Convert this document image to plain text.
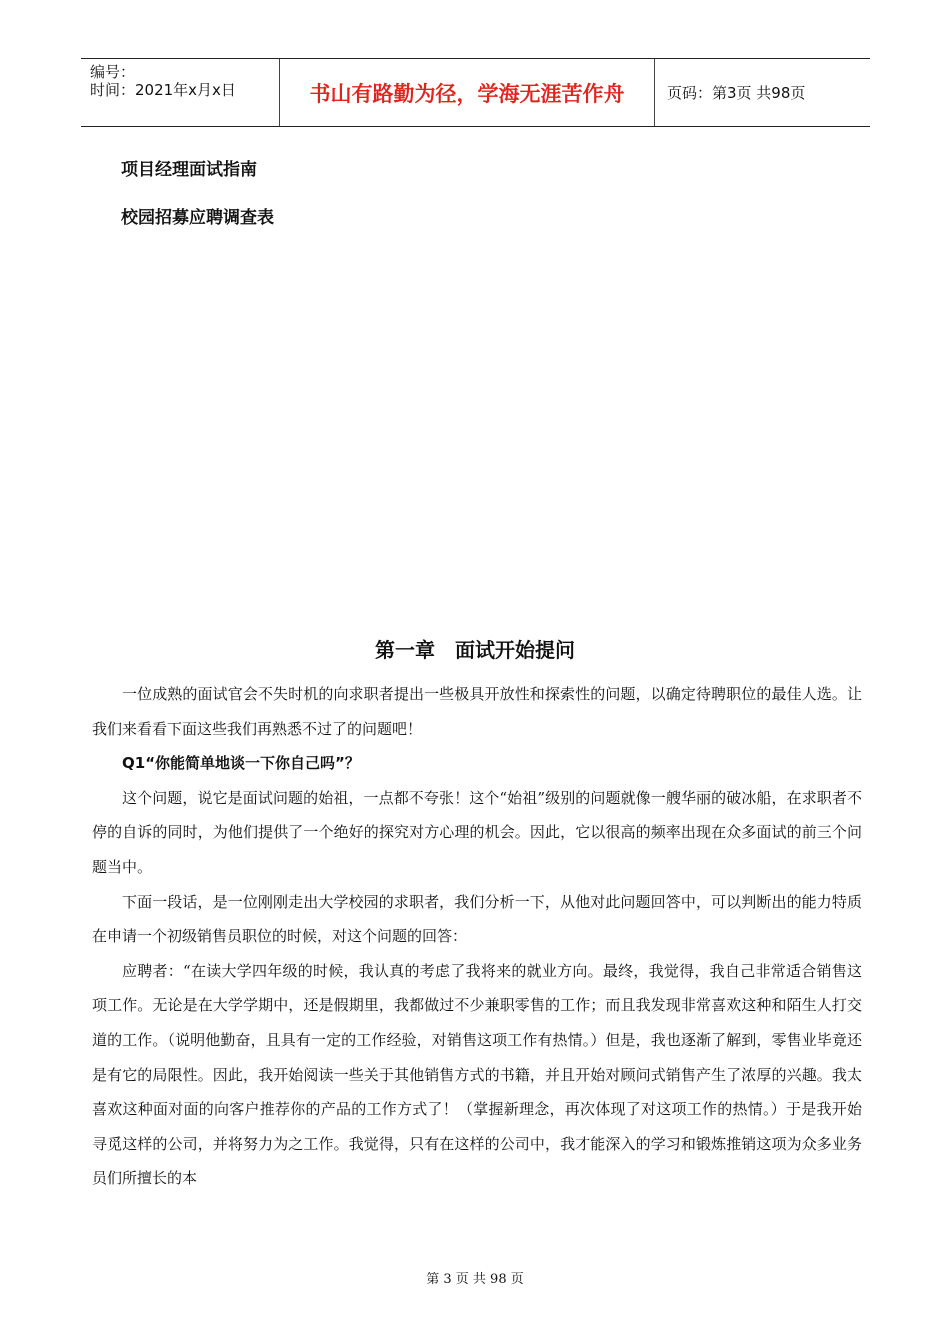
编号：
时间：2021年x月x日	书山有路勤为径，学海无涯苦作舟	页码：第3页 共98页
项目经理面试指南
校园招募应聘调查表
第一章　面试开始提问

一位成熟的面试官会不失时机的向求职者提出一些极具开放性和探索性的问题，以确定待聘职位的最佳人选。让我们来看看下面这些我们再熟悉不过了的问题吧！

Q1“你能简单地谈一下你自己吗”？

这个问题，说它是面试问题的始祖，一点都不夸张！这个“始祖”级别的问题就像一艘华丽的破冰船，在求职者不停的自诉的同时，为他们提供了一个绝好的探究对方心理的机会。因此，它以很高的频率出现在众多面试的前三个问题当中。

下面一段话，是一位刚刚走出大学校园的求职者，我们分析一下，从他对此问题回答中，可以判断出的能力特质在申请一个初级销售员职位的时候，对这个问题的回答：

应聘者：“在读大学四年级的时候，我认真的考虑了我将来的就业方向。最终，我觉得，我自己非常适合销售这项工作。无论是在大学学期中，还是假期里，我都做过不少兼职零售的工作；而且我发现非常喜欢这种和陌生人打交道的工作。（说明他勤奋，且具有一定的工作经验，对销售这项工作有热情。）但是，我也逐渐了解到，零售业毕竟还是有它的局限性。因此，我开始阅读一些关于其他销售方式的书籍，并且开始对顾问式销售产生了浓厚的兴趣。我太喜欢这种面对面的向客户推荐你的产品的工作方式了！（掌握新理念，再次体现了对这项工作的热情。）于是我开始寻觅这样的公司，并将努力为之工作。我觉得，只有在这样的公司中，我才能深入的学习和锻炼推销这项为众多业务员们所擅长的本

第 3 页 共 98 页
